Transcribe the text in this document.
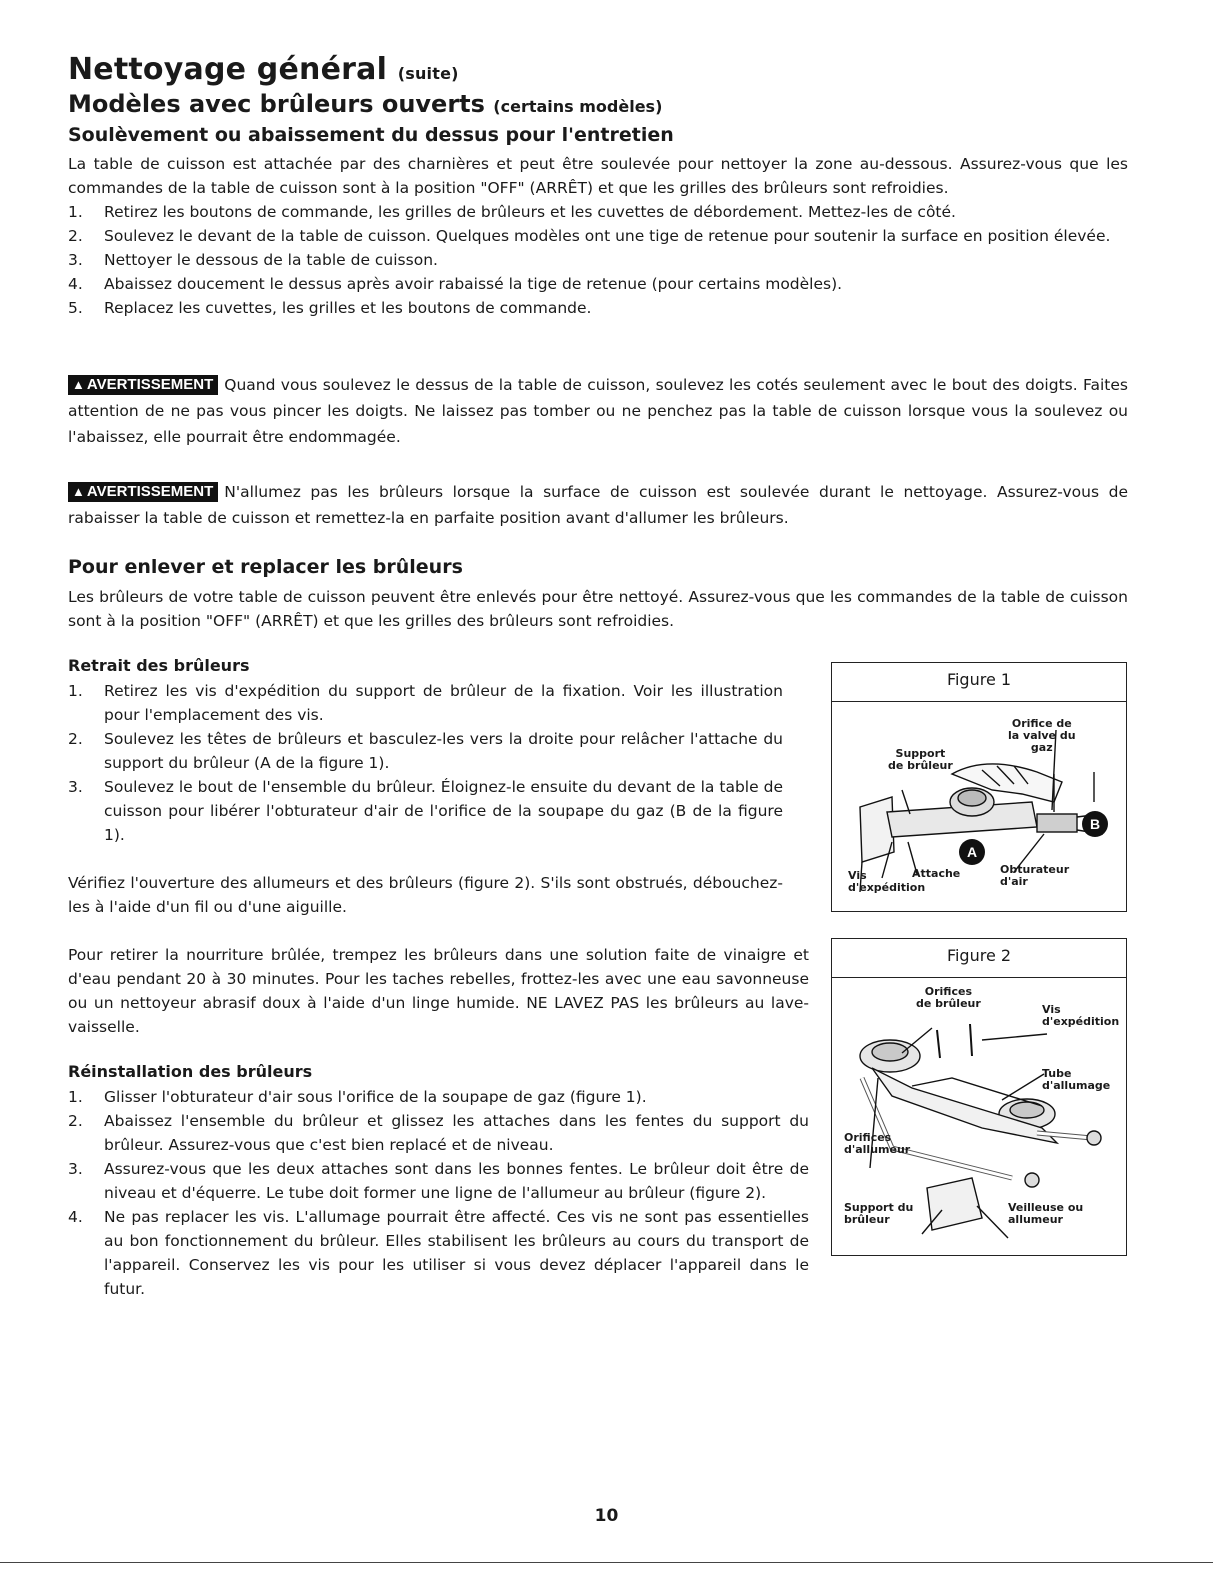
Nettoyage général (suite)
Modèles avec brûleurs ouverts (certains modèles)
Soulèvement ou abaissement du dessus pour l'entretien

La table de cuisson est attachée par des charnières et peut être soulevée pour nettoyer la zone au-dessous. Assurez-vous que les commandes de la table de cuisson sont à la position "OFF" (ARRÊT) et que les grilles des brûleurs sont refroidies.

1. Retirez les boutons de commande, les grilles de brûleurs et les cuvettes de débordement. Mettez-les de côté.
2. Soulevez le devant de la table de cuisson. Quelques modèles ont une tige de retenue pour soutenir la surface en position élevée.
3. Nettoyer le dessous de la table de cuisson.
4. Abaissez doucement le dessus après avoir rabaissé la tige de retenue (pour certains modèles).
5. Replacez les cuvettes, les grilles et les boutons de commande.

▲ AVERTISSEMENT Quand vous soulevez le dessus de la table de cuisson, soulevez les cotés seulement avec le bout des doigts. Faites attention de ne pas vous pincer les doigts. Ne laissez pas tomber ou ne penchez pas la table de cuisson lorsque vous la soulevez ou l'abaissez, elle pourrait être endommagée.

▲ AVERTISSEMENT N'allumez pas les brûleurs lorsque la surface de cuisson est soulevée durant le nettoyage. Assurez-vous de rabaisser la table de cuisson et remettez-la en parfaite position avant d'allumer les brûleurs.

Pour enlever et replacer les brûleurs

Les brûleurs de votre table de cuisson peuvent être enlevés pour être nettoyé. Assurez-vous que les commandes de la table de cuisson sont à la position "OFF" (ARRÊT) et que les grilles des brûleurs sont refroidies.

Retrait des brûleurs
1. Retirez les vis d'expédition du support de brûleur de la fixation. Voir les illustration pour l'emplacement des vis.
2. Soulevez les têtes de brûleurs et basculez-les vers la droite pour relâcher l'attache du support du brûleur (A de la figure 1).
3. Soulevez le bout de l'ensemble du brûleur. Éloignez-le ensuite du devant de la table de cuisson pour libérer l'obturateur d'air de l'orifice de la soupape du gaz (B de la figure 1).

Vérifiez l'ouverture des allumeurs et des brûleurs (figure 2). S'ils sont obstrués, débouchez-les à l'aide d'un fil ou d'une aiguille.

Pour retirer la nourriture brûlée, trempez les brûleurs dans une solution faite de vinaigre et d'eau pendant 20 à 30 minutes. Pour les taches rebelles, frottez-les avec une eau savonneuse ou un nettoyeur abrasif doux à l'aide d'un linge humide. NE LAVEZ PAS les brûleurs au lave-vaisselle.

Réinstallation des brûleurs
1. Glisser l'obturateur d'air sous l'orifice de la soupape de gaz (figure 1).
2. Abaissez l'ensemble du brûleur et glissez les attaches dans les fentes du support du brûleur. Assurez-vous que c'est bien replacé et de niveau.
3. Assurez-vous que les deux attaches sont dans les bonnes fentes. Le brûleur doit être de niveau et d'équerre. Le tube doit former une ligne de l'allumeur au brûleur (figure 2).
4. Ne pas replacer les vis. L'allumage pourrait être affecté. Ces vis ne sont pas essentielles au bon fonctionnement du brûleur. Elles stabilisent les brûleurs au cours du transport de l'appareil. Conservez les vis pour les utiliser si vous devez déplacer l'appareil dans le futur.
Figure 1
A
B
Orifice de
la valve du
gaz
Support
de brûleur
Vis
d'expédition
Attache	Obturateur
d'air
Figure 2
Orifices
de brûleur	Vis
d'expédition
Tube
d'allumage
Orifices
d'allumeur
Support du
brûleur
Veilleuse ou
allumeur
10
